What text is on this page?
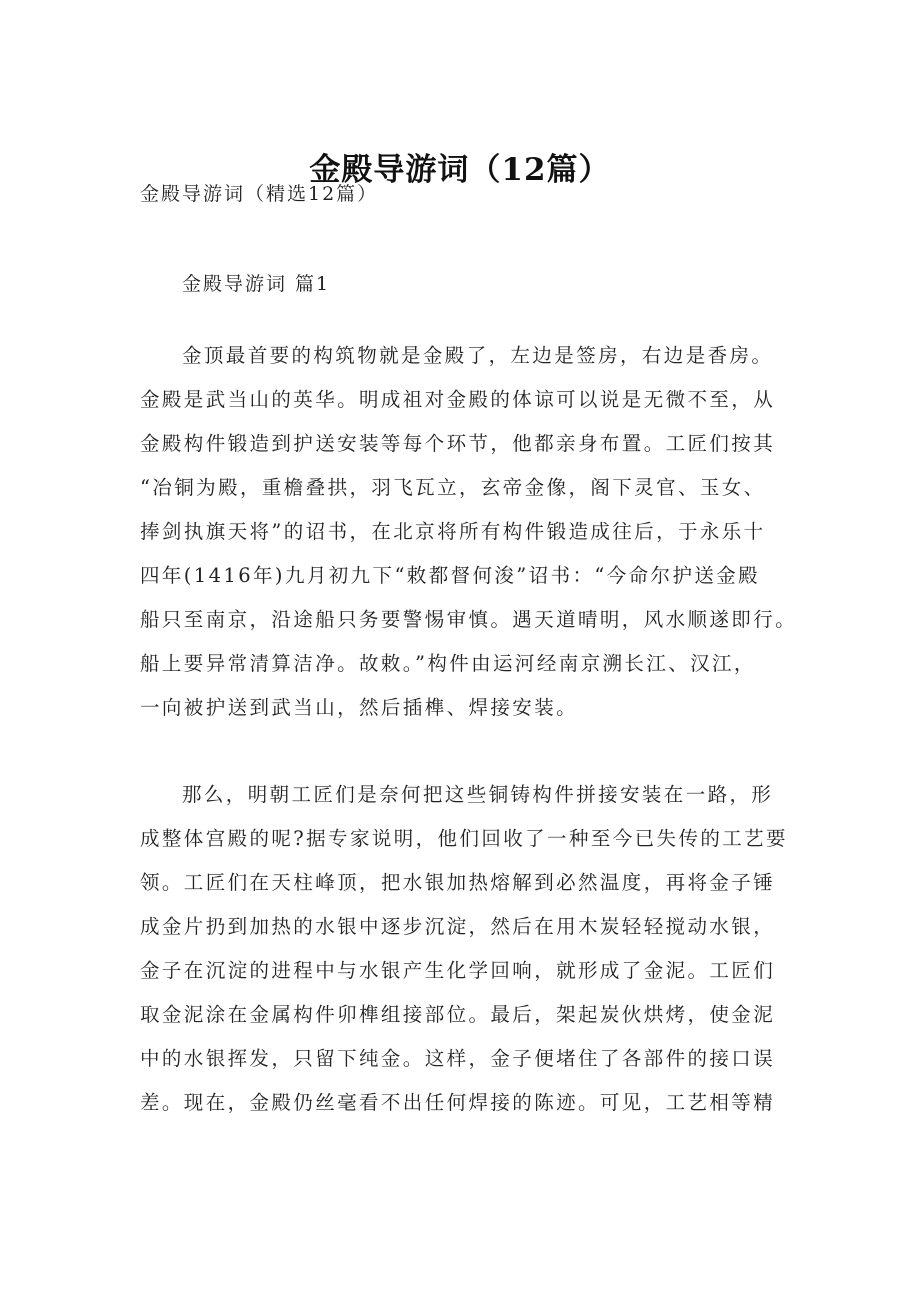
金殿导游词（12篇）
金殿导游词（精选12篇）
金殿导游词 篇1
金顶最首要的构筑物就是金殿了，左边是签房，右边是香房。
金殿是武当山的英华。明成祖对金殿的体谅可以说是无微不至，从
金殿构件锻造到护送安装等每个环节，他都亲身布置。工匠们按其
“冶铜为殿，重檐叠拱，羽飞瓦立，玄帝金像，阁下灵官、玉女、
捧剑执旗天将”的诏书，在北京将所有构件锻造成往后，于永乐十
四年(1416年)九月初九下“敕都督何浚”诏书：“今命尔护送金殿
船只至南京，沿途船只务要警惕审慎。遇天道晴明，风水顺遂即行。
船上要异常清算洁净。故敕。”构件由运河经南京溯长江、汉江，
一向被护送到武当山，然后插榫、焊接安装。
那么，明朝工匠们是奈何把这些铜铸构件拼接安装在一路，形
成整体宫殿的呢?据专家说明，他们回收了一种至今已失传的工艺要
领。工匠们在天柱峰顶，把水银加热熔解到必然温度，再将金子锤
成金片扔到加热的水银中逐步沉淀，然后在用木炭轻轻搅动水银，
金子在沉淀的进程中与水银产生化学回响，就形成了金泥。工匠们
取金泥涂在金属构件卯榫组接部位。最后，架起炭伙烘烤，使金泥
中的水银挥发，只留下纯金。这样，金子便堵住了各部件的接口误
差。现在，金殿仍丝毫看不出任何焊接的陈迹。可见，工艺相等精
